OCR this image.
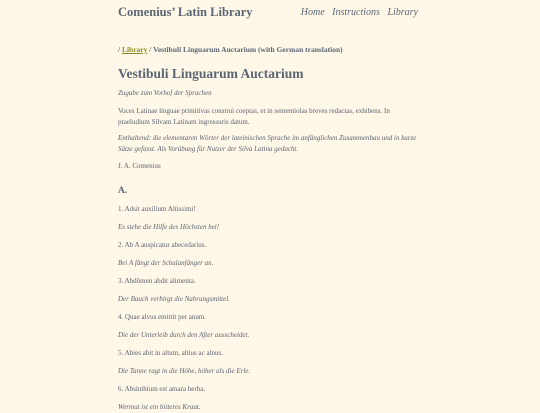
Comenius’ Latin Library	Home Instructions Library

/ Library / Vestibuli Linguarum Auctarium (with German translation)

Vestibuli Linguarum Auctarium

Zugabe zum Vorhof der Sprachen

Voces Latinae linguae primitivas construi coeptas, et in sententiolas breves redactas, exhibens. In praeludium Silvam Latinam ingressuris datum.

Enthaltend: die elementaren Wörter der lateinischen Sprache im anfänglichen Zusammenbau und in kurze Sätze gefasst. Als Vorübung für Nutzer der Silva Latina gedacht.

J. A. Comenius

A.

1. Adsit auxilium Altissimi!

Es stehe die Hilfe des Höchsten bei!

2. Ab A auspicatur abecedarius.

Bei A fängt der Schulanfänger an.

3. Abdŏmen abdit alimenta.

Der Bauch verbirgt die Nahrungsmittel.

4. Quae alvus emittit per anum.

Die der Unterleib durch den After ausscheidet.

5. Abies abit in altum, altius ac alnus.

Die Tanne ragt in die Höhe, höher als die Erle.

6. Absinthium est amara herba.

Wermut ist ein bitteres Kraut.
